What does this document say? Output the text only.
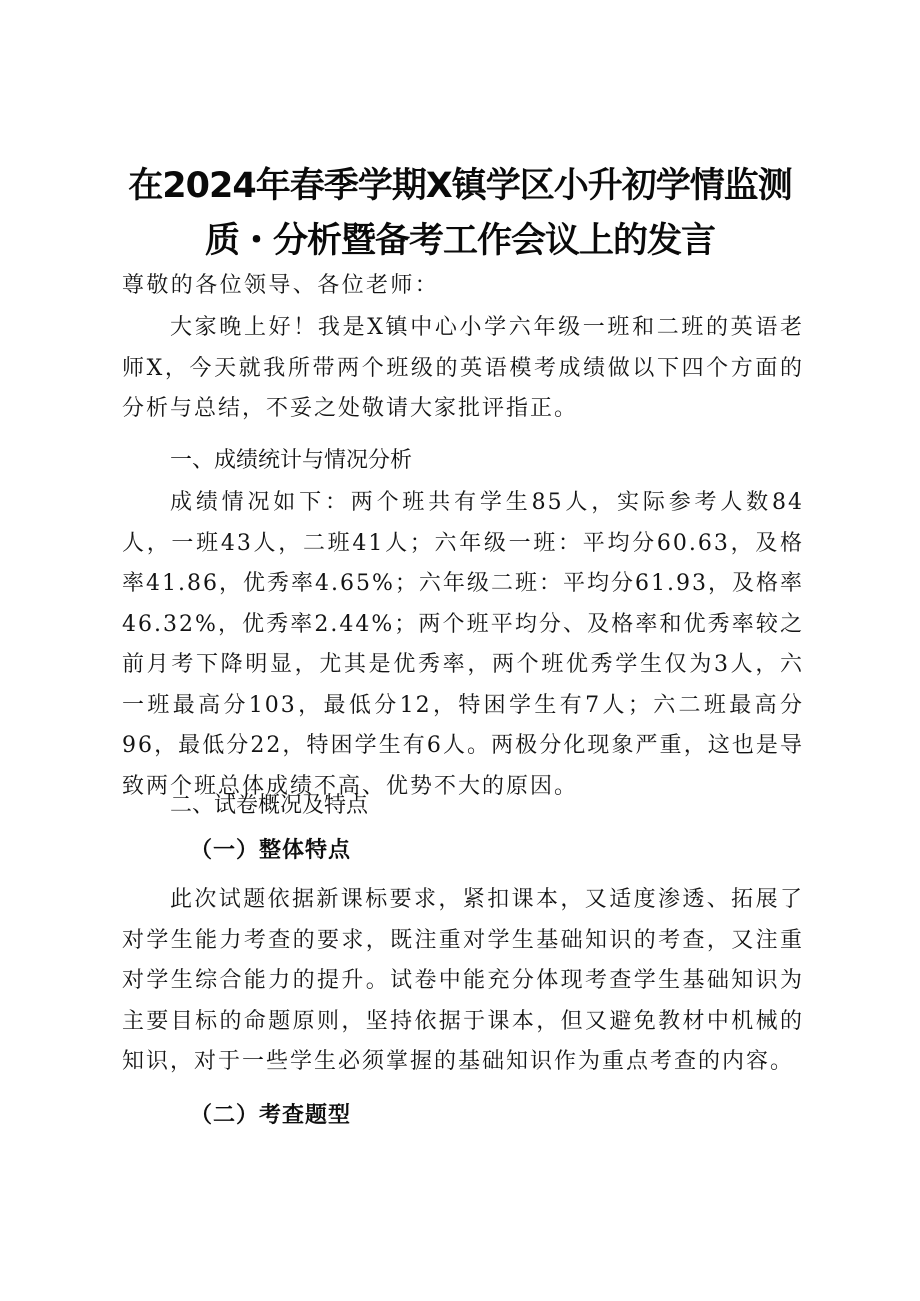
在2024年春季学期X镇学区小升初学情监测
质・分析暨备考工作会议上的发言

尊敬的各位领导、各位老师：

大家晚上好！我是X镇中心小学六年级一班和二班的英语老师X，今天就我所带两个班级的英语模考成绩做以下四个方面的分析与总结，不妥之处敬请大家批评指正。

一、成绩统计与情况分析

成绩情况如下：两个班共有学生85人，实际参考人数84人，一班43人，二班41人；六年级一班：平均分60.63，及格率41.86，优秀率4.65%；六年级二班：平均分61.93，及格率46.32%，优秀率2.44%；两个班平均分、及格率和优秀率较之前月考下降明显，尤其是优秀率，两个班优秀学生仅为3人，六一班最高分103，最低分12，特困学生有7人；六二班最高分96，最低分22，特困学生有6人。两极分化现象严重，这也是导致两个班总体成绩不高、优势不大的原因。

二、试卷概况及特点

（一）整体特点

此次试题依据新课标要求，紧扣课本，又适度渗透、拓展了对学生能力考查的要求，既注重对学生基础知识的考查，又注重对学生综合能力的提升。试卷中能充分体现考查学生基础知识为主要目标的命题原则，坚持依据于课本，但又避免教材中机械的知识，对于一些学生必须掌握的基础知识作为重点考查的内容。

（二）考查题型
